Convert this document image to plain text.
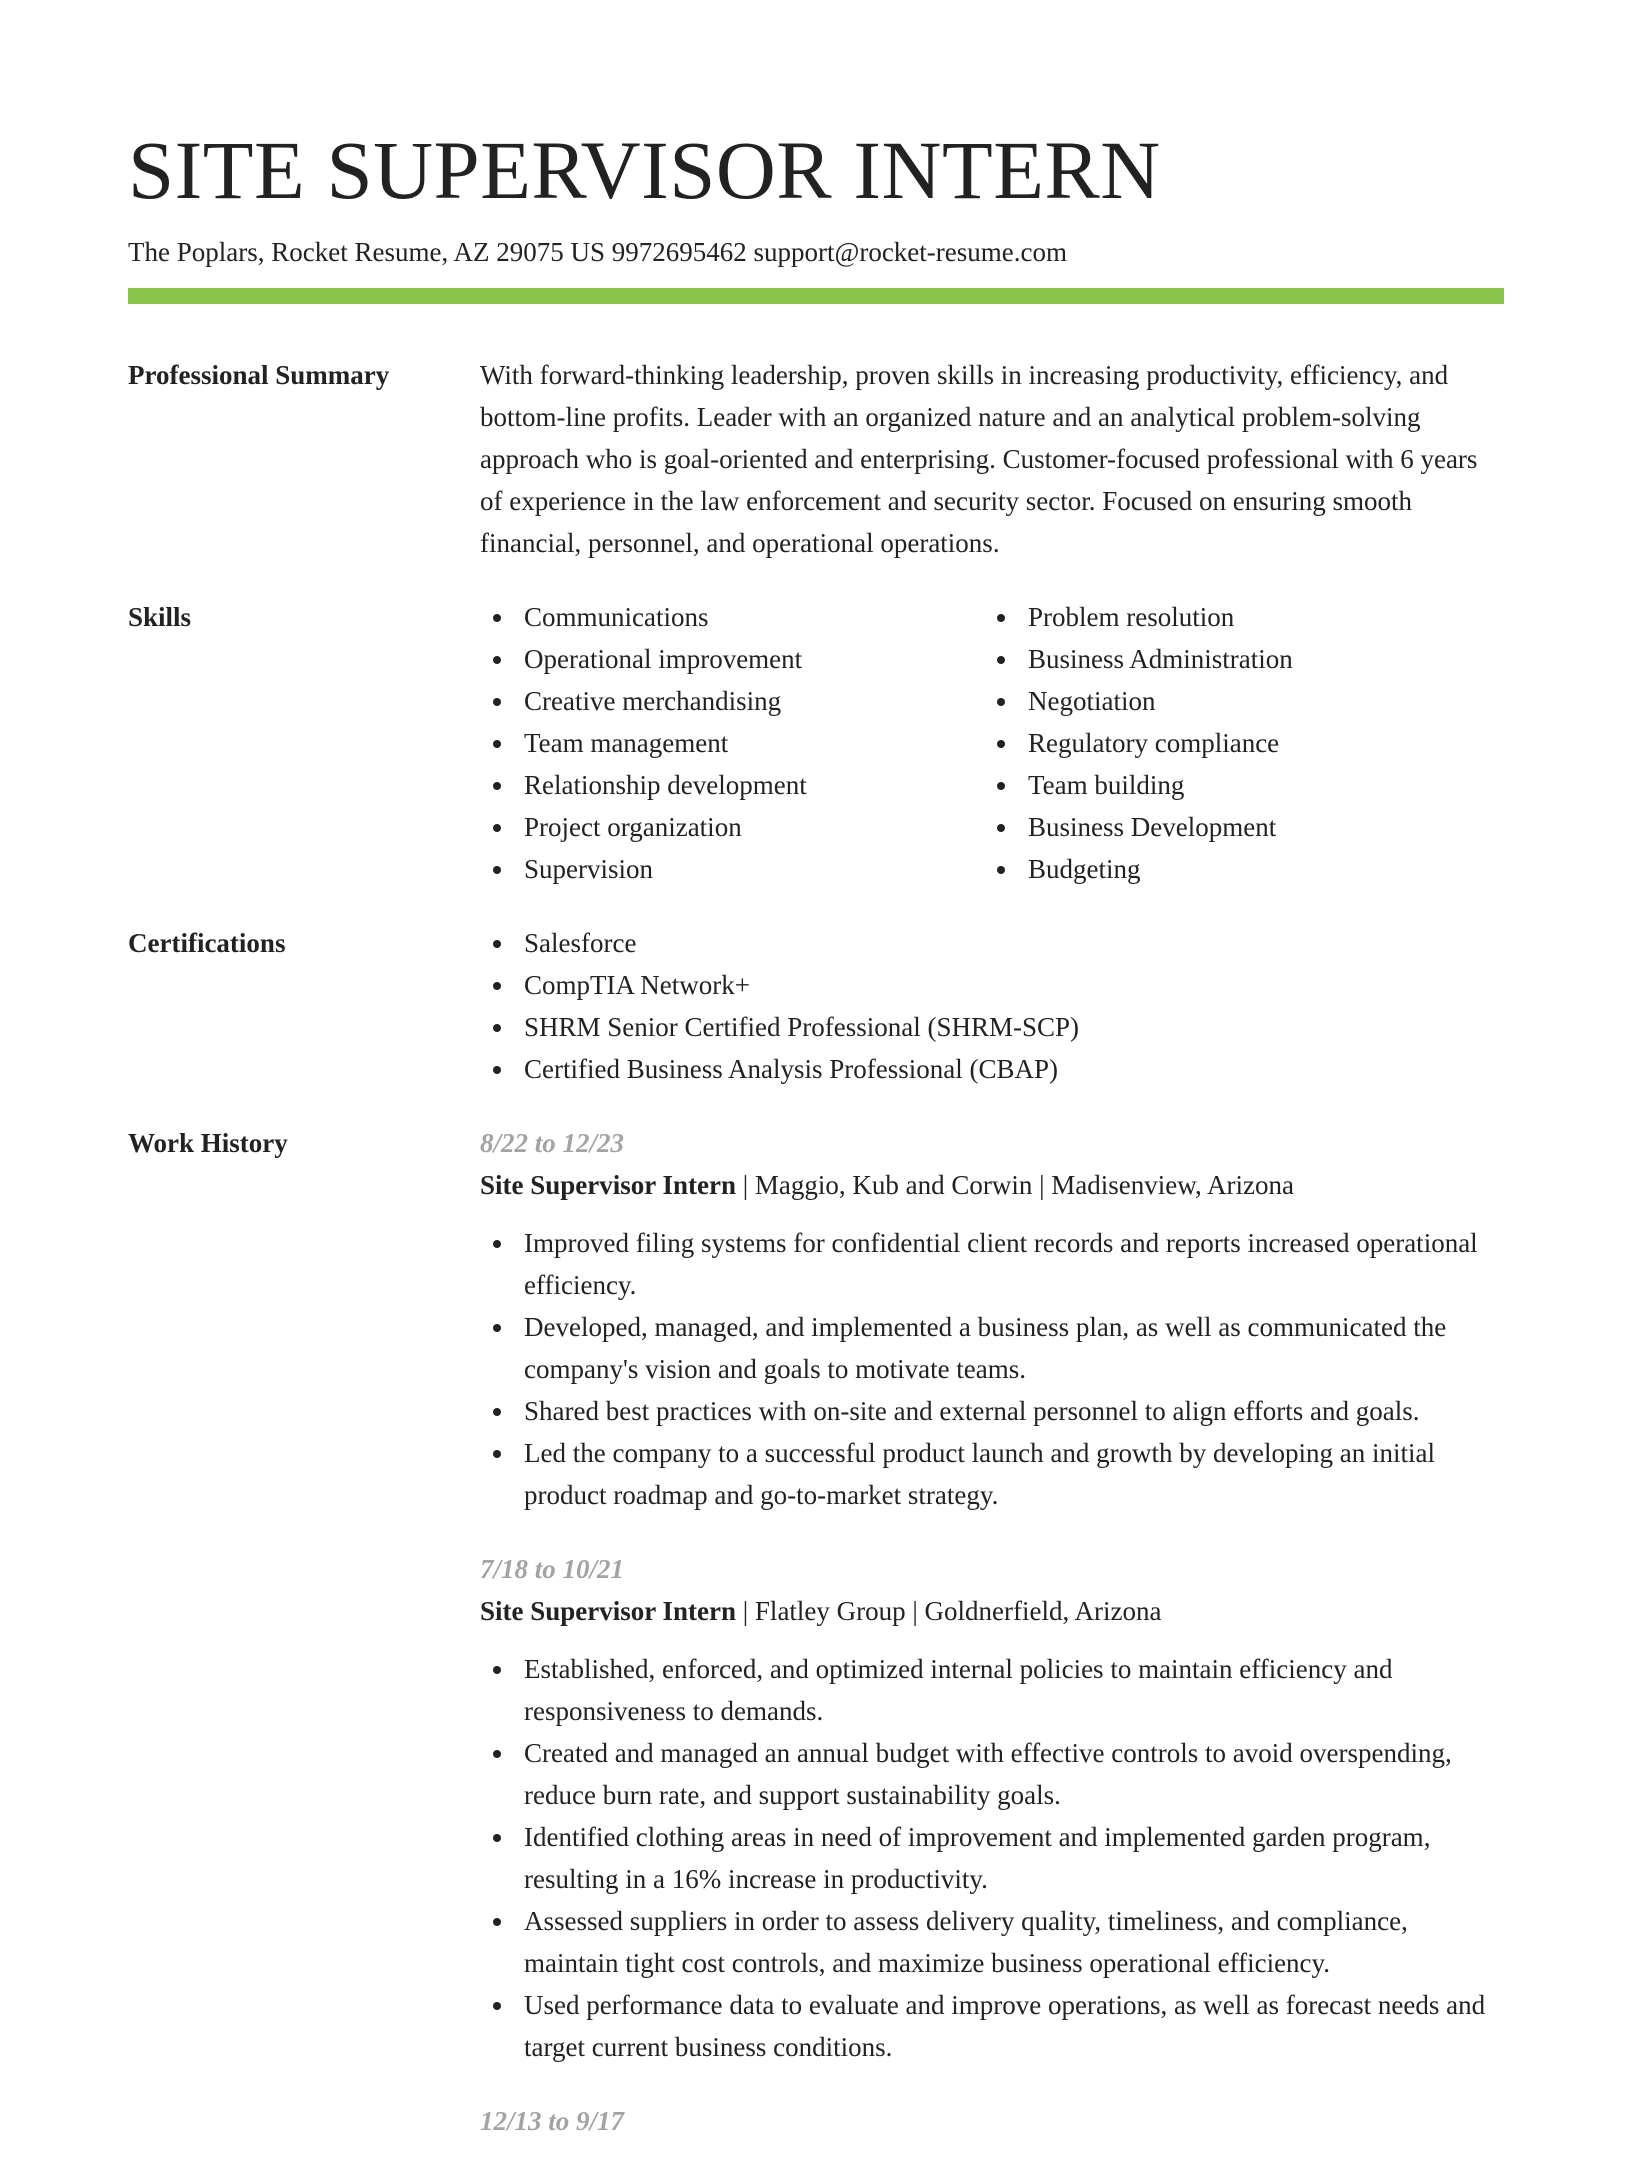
SITE SUPERVISOR INTERN
The Poplars, Rocket Resume, AZ 29075 US 9972695462 support@rocket-resume.com
Professional Summary	With forward-thinking leadership, proven skills in increasing productivity, efficiency, and bottom-line profits. Leader with an organized nature and an analytical problem-solving approach who is goal-oriented and enterprising. Customer-focused professional with 6 years of experience in the law enforcement and security sector. Focused on ensuring smooth financial, personnel, and operational operations.

Skills	Communications
Operational improvement
Creative merchandising
Team management
Relationship development
Project organization
Supervision
Problem resolution
Business Administration
Negotiation
Regulatory compliance
Team building
Business Development
Budgeting
Certifications	Salesforce
CompTIA Network+
SHRM Senior Certified Professional (SHRM-SCP)
Certified Business Analysis Professional (CBAP)
Work History	8/22 to 12/23
Site Supervisor Intern | Maggio, Kub and Corwin | Madisenview, Arizona
Improved filing systems for confidential client records and reports increased operational efficiency.
Developed, managed, and implemented a business plan, as well as communicated the company's vision and goals to motivate teams.
Shared best practices with on-site and external personnel to align efforts and goals.
Led the company to a successful product launch and growth by developing an initial product roadmap and go-to-market strategy.
7/18 to 10/21
Site Supervisor Intern | Flatley Group | Goldnerfield, Arizona
Established, enforced, and optimized internal policies to maintain efficiency and responsiveness to demands.
Created and managed an annual budget with effective controls to avoid overspending, reduce burn rate, and support sustainability goals.
Identified clothing areas in need of improvement and implemented garden program, resulting in a 16% increase in productivity.
Assessed suppliers in order to assess delivery quality, timeliness, and compliance, maintain tight cost controls, and maximize business operational efficiency.
Used performance data to evaluate and improve operations, as well as forecast needs and target current business conditions.
12/13 to 9/17
